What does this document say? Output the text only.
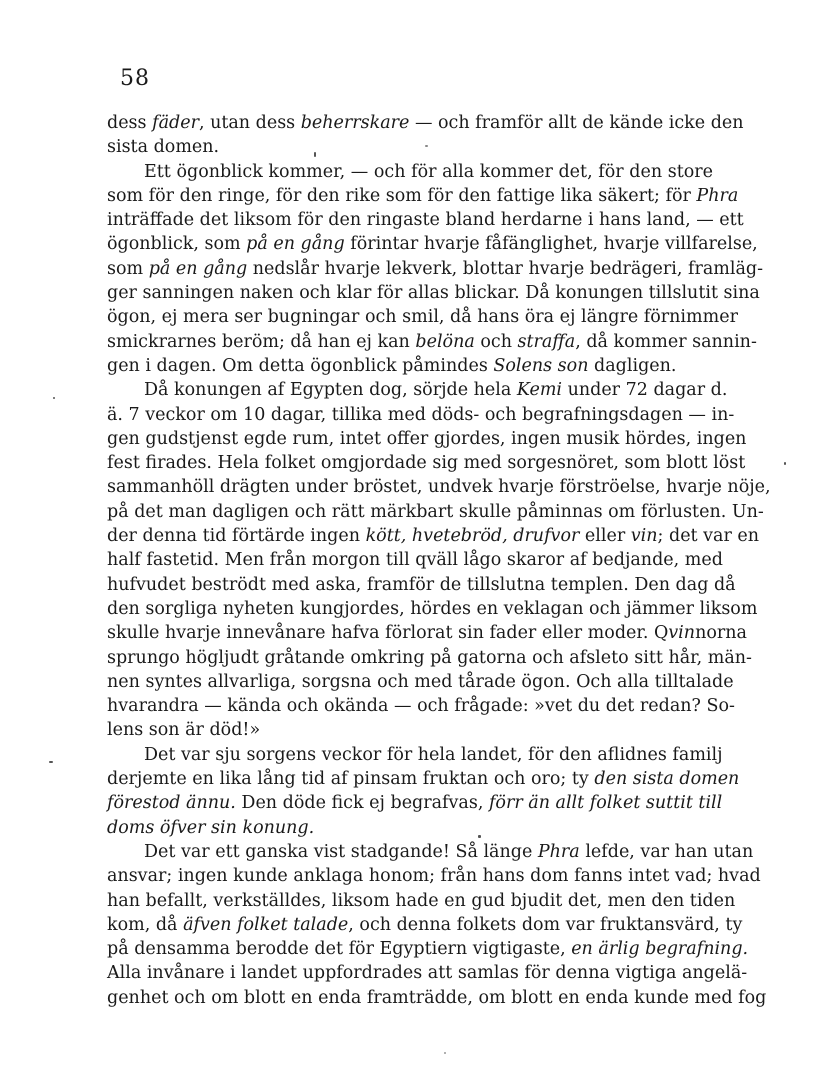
58
dess fäder, utan dess beherrskare — och framför allt de kände icke den
sista domen.
Ett ögonblick kommer, — och för alla kommer det, för den store
som för den ringe, för den rike som för den fattige lika säkert; för Phra
inträffade det liksom för den ringaste bland herdarne i hans land, — ett
ögonblick, som på en gång förintar hvarje fåfänglighet, hvarje villfarelse,
som på en gång nedslår hvarje lekverk, blottar hvarje bedrägeri, framläg-
ger sanningen naken och klar för allas blickar. Då konungen tillslutit sina
ögon, ej mera ser bugningar och smil, då hans öra ej längre förnimmer
smickrarnes beröm; då han ej kan belöna och straffa, då kommer sannin-
gen i dagen. Om detta ögonblick påmindes Solens son dagligen.
Då konungen af Egypten dog, sörjde hela Kemi under 72 dagar d.
ä. 7 veckor om 10 dagar, tillika med döds- och begrafningsdagen — in-
gen gudstjenst egde rum, intet offer gjordes, ingen musik hördes, ingen
fest firades. Hela folket omgjordade sig med sorgesnöret, som blott löst
sammanhöll drägten under bröstet, undvek hvarje förströelse, hvarje nöje,
på det man dagligen och rätt märkbart skulle påminnas om förlusten. Un-
der denna tid förtärde ingen kött, hvetebröd, drufvor eller vin; det var en
half fastetid. Men från morgon till qväll lågo skaror af bedjande, med
hufvudet beströdt med aska, framför de tillslutna templen. Den dag då
den sorgliga nyheten kungjordes, hördes en veklagan och jämmer liksom
skulle hvarje innevånare hafva förlorat sin fader eller moder. Qvinnorna
sprungo högljudt gråtande omkring på gatorna och afsleto sitt hår, män-
nen syntes allvarliga, sorgsna och med tårade ögon. Och alla tilltalade
hvarandra — kända och okända — och frågade: »vet du det redan? So-
lens son är död!»
Det var sju sorgens veckor för hela landet, för den aflidnes familj
derjemte en lika lång tid af pinsam fruktan och oro; ty den sista domen
förestod ännu. Den döde fick ej begrafvas, förr än allt folket suttit till
doms öfver sin konung.
Det var ett ganska vist stadgande! Så länge Phra lefde, var han utan
ansvar; ingen kunde anklaga honom; från hans dom fanns intet vad; hvad
han befallt, verkställdes, liksom hade en gud bjudit det, men den tiden
kom, då äfven folket talade, och denna folkets dom var fruktansvärd, ty
på densamma berodde det för Egyptiern vigtigaste, en ärlig begrafning.
Alla invånare i landet uppfordrades att samlas för denna vigtiga angelä-
genhet och om blott en enda framträdde, om blott en enda kunde med fog
